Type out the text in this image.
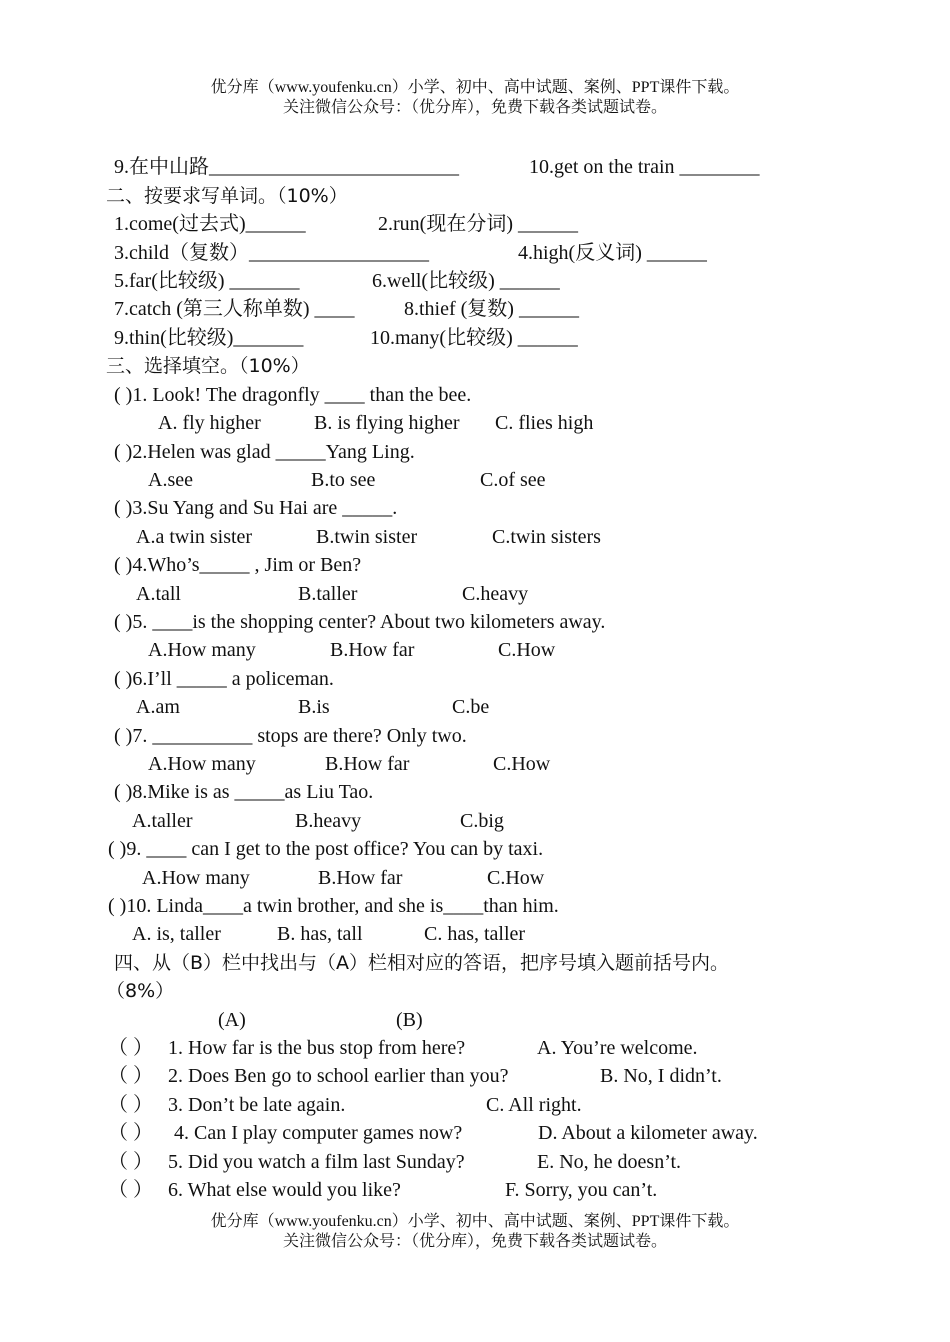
优分库（www.youfenku.cn）小学、初中、高中试题、案例、PPT课件下载。
关注微信公众号：（优分库），免费下载各类试题试卷。
9.在中山路_________________________	10.get on the train ________
二、按要求写单词。（10%）
1.come(过去式)______	2.run(现在分词) ______
3.child（复数）__________________	4.high(反义词) ______
5.far(比较级) _______	6.well(比较级) ______
7.catch (第三人称单数) ____ 8.thief (复数) ______
9.thin(比较级)_______	10.many(比较级) ______
三、选择填空。（10%）
( )1. Look! The dragonfly ____ than the bee.
A. fly higher	B. is flying higher C. flies high
( )2.Helen was glad _____Yang Ling.
A.see	B.to see	C.of see
( )3.Su Yang and Su Hai are _____.
A.a twin sister	B.twin sister	C.twin sisters
( )4.Who’s_____ , Jim or Ben?
A.tall	B.taller	C.heavy
( )5. ____is the shopping center? About two kilometers away.
A.How many	B.How far	C.How
( )6.I’ll _____ a policeman.
A.am	B.is	C.be
( )7. __________ stops are there? Only two.
A.How many	B.How far	C.How
( )8.Mike is as _____as Liu Tao.
A.taller	B.heavy	C.big
( )9. ____ can I get to the post office? You can by taxi.
A.How many	B.How far	C.How
( )10. Linda____a twin brother, and she is____than him.
A. is, taller	B. has, tall	C. has, taller
四、从（B）栏中找出与（A）栏相对应的答语，把序号填入题前括号内。
（8%）
(A)	(B)
（ ） 1. How far is the bus stop from here?	A. You’re welcome.
（ ） 2. Does Ben go to school earlier than you?	B. No, I didn’t.
（ ） 3. Don’t be late again.	C. All right.
（ ） 4. Can I play computer games now?	D. About a kilometer away.
（ ） 5. Did you watch a film last Sunday?	E. No, he doesn’t.
（ ） 6. What else would you like?	F. Sorry, you can’t.
优分库（www.youfenku.cn）小学、初中、高中试题、案例、PPT课件下载。
关注微信公众号：（优分库），免费下载各类试题试卷。
